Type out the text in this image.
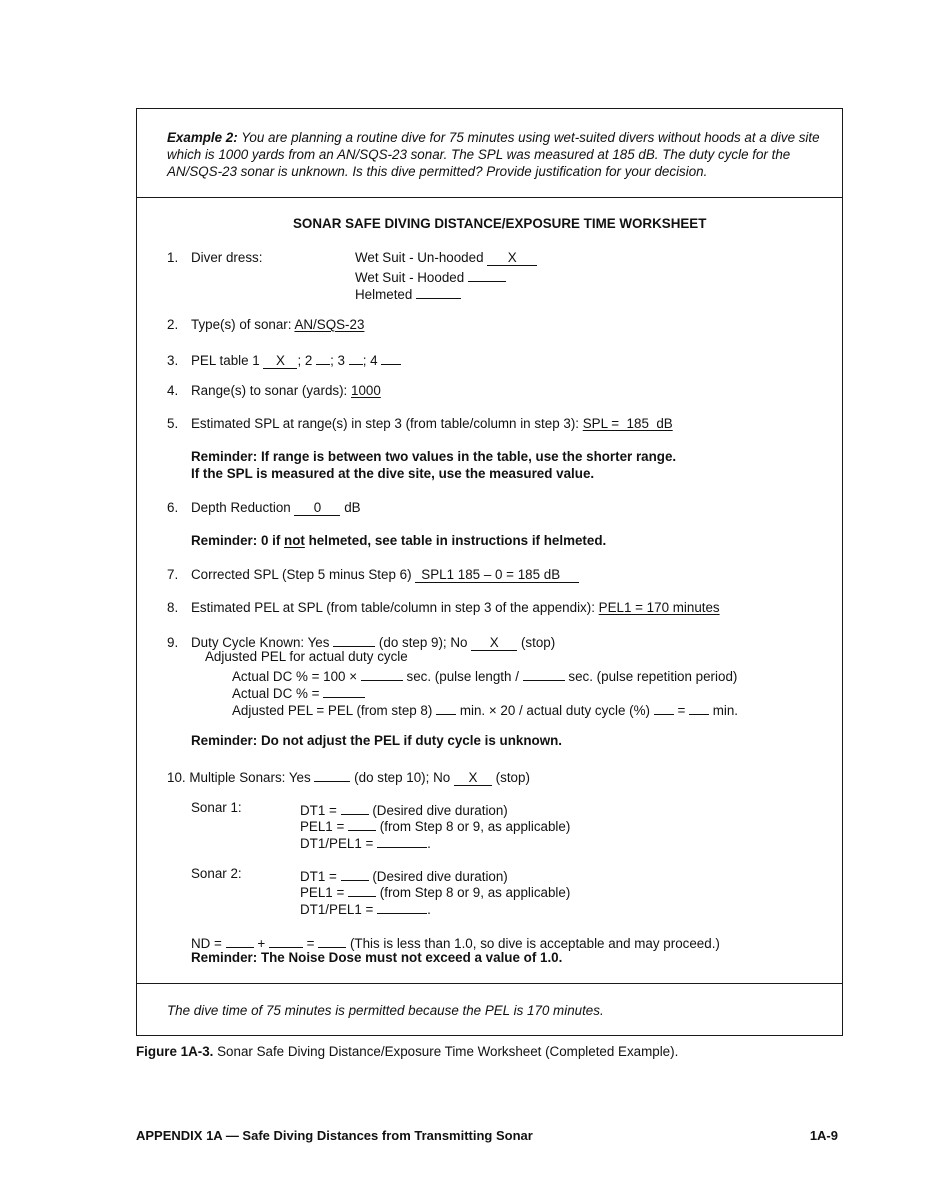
Example 2: You are planning a routine dive for 75 minutes using wet-suited divers without hoods at a dive site which is 1000 yards from an AN/SQS-23 sonar. The SPL was measured at 185 dB. The duty cycle for the AN/SQS-23 sonar is unknown. Is this dive permitted? Provide justification for your decision.
SONAR SAFE DIVING DISTANCE/EXPOSURE TIME WORKSHEET
1. Diver dress:	Wet Suit - Un-hooded X
Wet Suit - Hooded
Helmeted
2. Type(s) of sonar: AN/SQS-23
3. PEL table 1 X ; 2 ; 3 ; 4
4. Range(s) to sonar (yards): 1000
5. Estimated SPL at range(s) in step 3 (from table/column in step 3): SPL =  185  dB
Reminder: If range is between two values in the table, use the shorter range.
If the SPL is measured at the dive site, use the measured value.
6. Depth Reduction 0 dB
Reminder: 0 if not helmeted, see table in instructions if helmeted.
7. Corrected SPL (Step 5 minus Step 6) SPL1 185 – 0 = 185 dB
8. Estimated PEL at SPL (from table/column in step 3 of the appendix): PEL1 = 170 minutes
9. Duty Cycle Known: Yes	(do step 9); No X (stop)
Adjusted PEL for actual duty cycle
Actual DC % = 100 ×	sec. (pulse length /	sec. (pulse repetition period)
Actual DC % =
Adjusted PEL = PEL (from step 8) min. × 20 / actual duty cycle (%) = min.
Reminder: Do not adjust the PEL if duty cycle is unknown.
10. Multiple Sonars: Yes	(do step 10); No X (stop)
Sonar 1:	DT1 =	(Desired dive duration)
PEL1 =	(from Step 8 or 9, as applicable)
DT1/PEL1 =	.
Sonar 2:	DT1 =	(Desired dive duration)
PEL1 =	(from Step 8 or 9, as applicable)
DT1/PEL1 =	.
ND =	+	=	(This is less than 1.0, so dive is acceptable and may proceed.)
Reminder: The Noise Dose must not exceed a value of 1.0.
The dive time of 75 minutes is permitted because the PEL is 170 minutes.
Figure 1A-3. Sonar Safe Diving Distance/Exposure Time Worksheet (Completed Example).
APPENDIX 1A — Safe Diving Distances from Transmitting Sonar	1A-9
